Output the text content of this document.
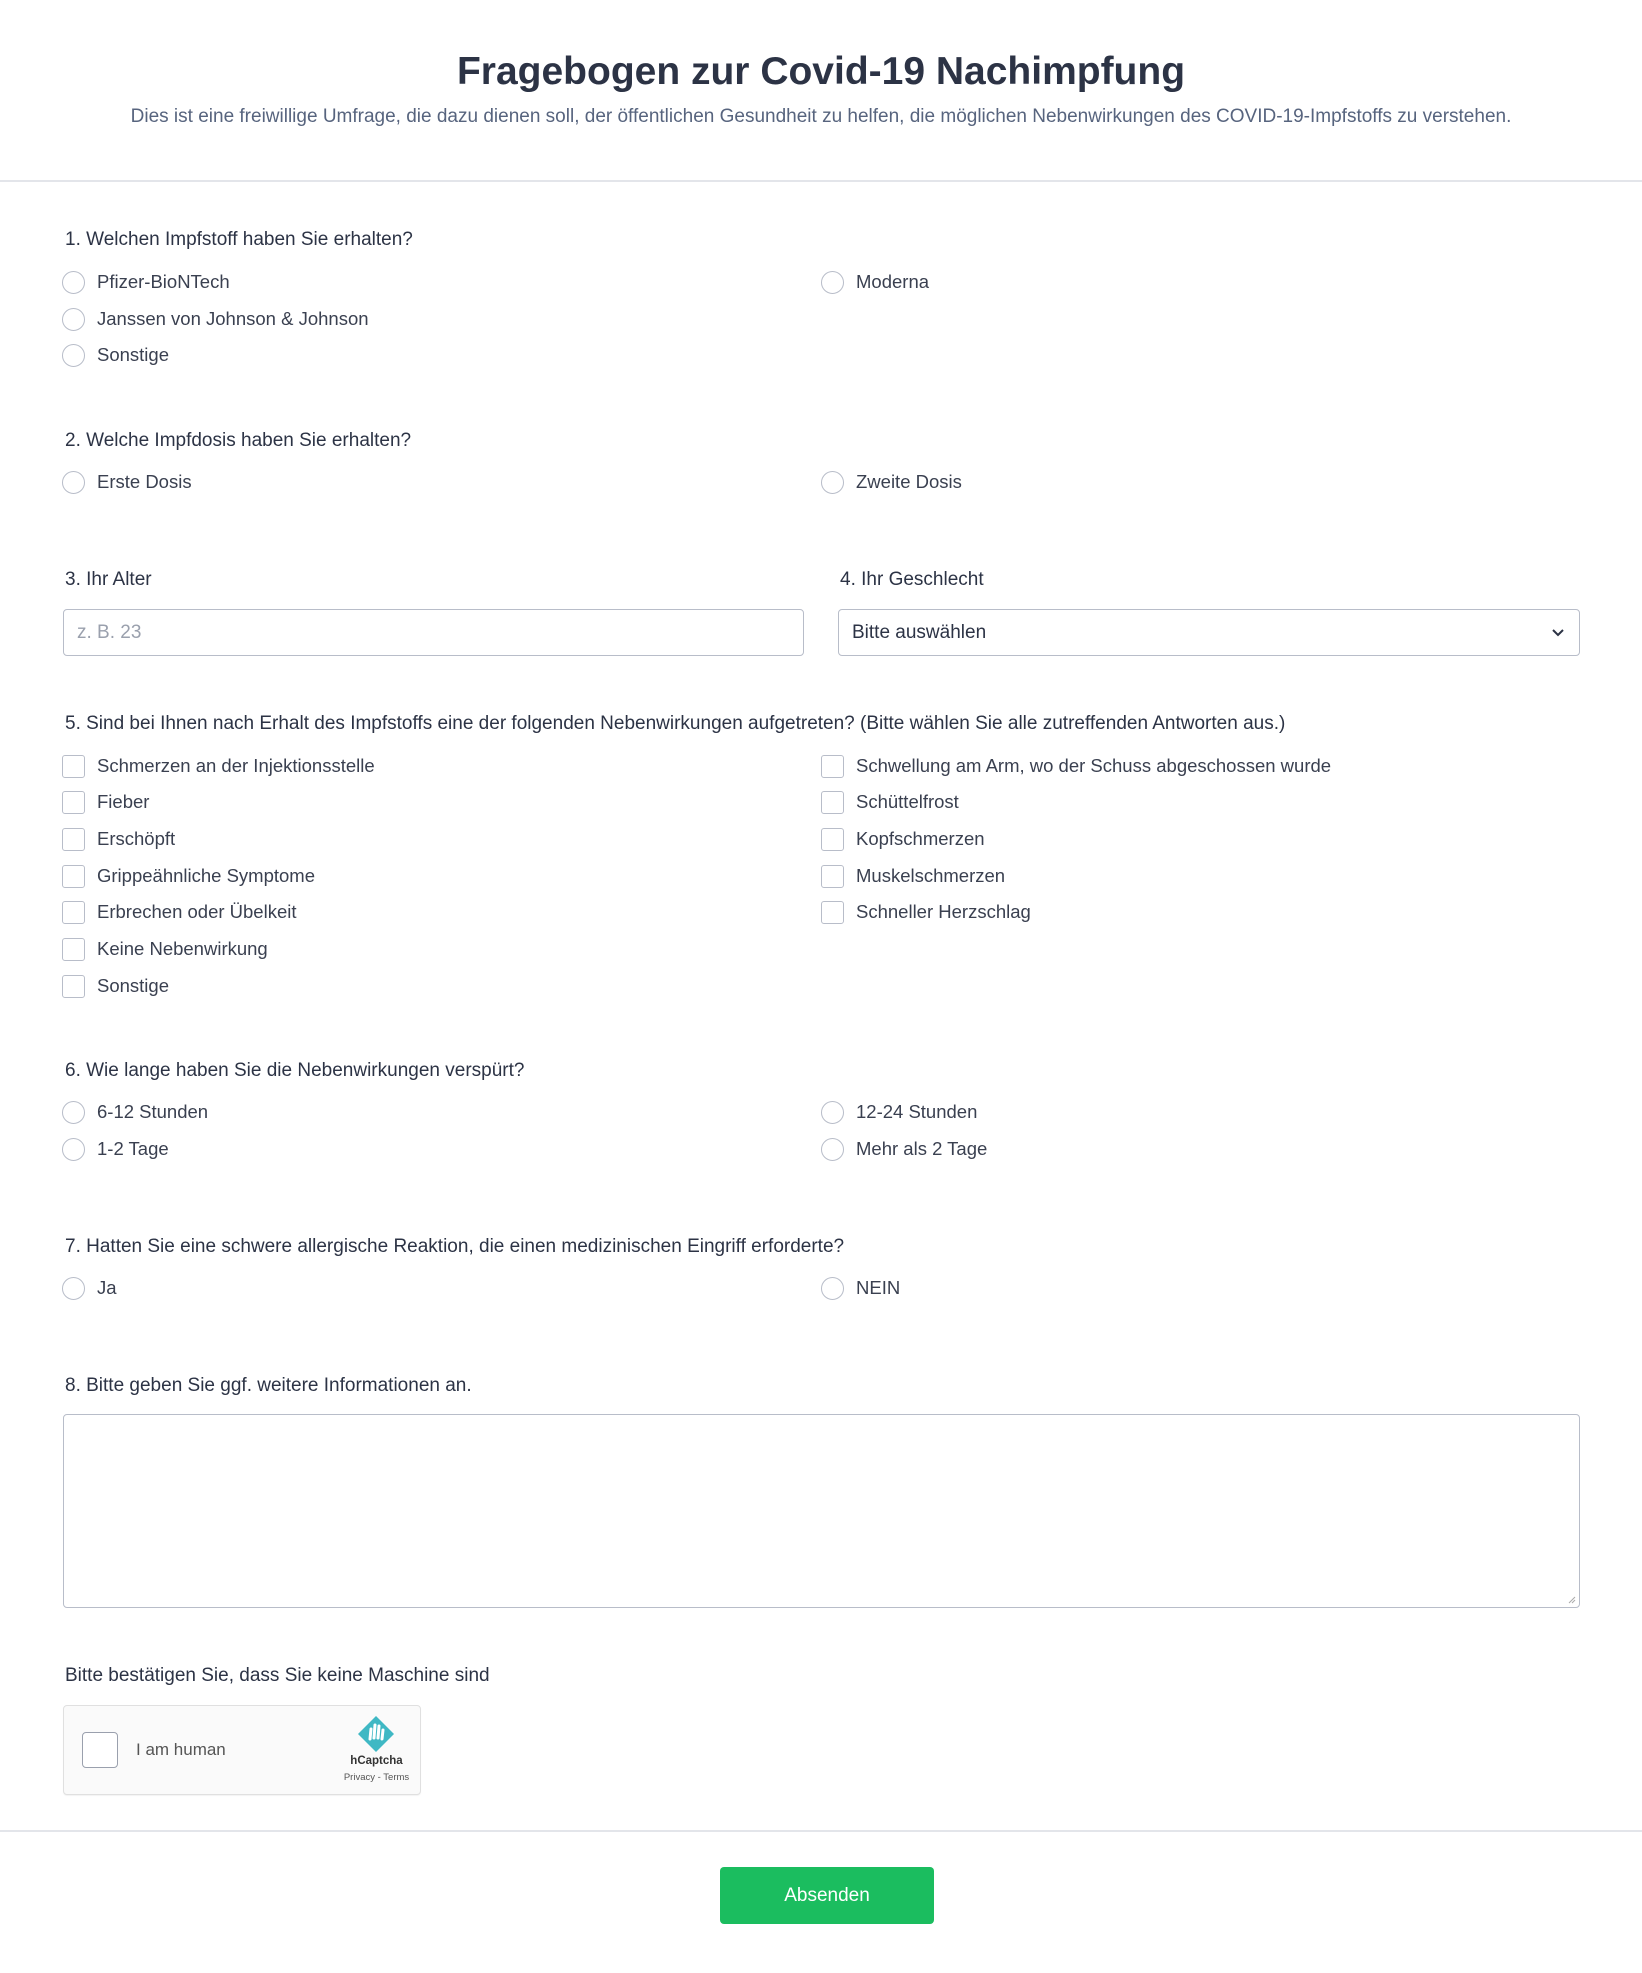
Fragebogen zur Covid-19 Nachimpfung
Dies ist eine freiwillige Umfrage, die dazu dienen soll, der öffentlichen Gesundheit zu helfen, die möglichen Nebenwirkungen des COVID-19-Impfstoffs zu verstehen.
1. Welchen Impfstoff haben Sie erhalten?
Pfizer-BioNTech	Moderna
Janssen von Johnson & Johnson
Sonstige
2. Welche Impfdosis haben Sie erhalten?
Erste Dosis	Zweite Dosis
3. Ihr Alter	4. Ihr Geschlecht
z. B. 23	Bitte auswählen
5. Sind bei Ihnen nach Erhalt des Impfstoffs eine der folgenden Nebenwirkungen aufgetreten? (Bitte wählen Sie alle zutreffenden Antworten aus.)
Schmerzen an der Injektionsstelle
Fieber
Erschöpft
Grippeähnliche Symptome
Erbrechen oder Übelkeit
Keine Nebenwirkung
Sonstige
Schwellung am Arm, wo der Schuss abgeschossen wurde
Schüttelfrost
Kopfschmerzen
Muskelschmerzen
Schneller Herzschlag
6. Wie lange haben Sie die Nebenwirkungen verspürt?
6-12 Stunden	12-24 Stunden
1-2 Tage	Mehr als 2 Tage
7. Hatten Sie eine schwere allergische Reaktion, die einen medizinischen Eingriff erforderte?
Ja	NEIN
8. Bitte geben Sie ggf. weitere Informationen an.
Bitte bestätigen Sie, dass Sie keine Maschine sind
I am human
hCaptcha
Privacy - Terms
Absenden
